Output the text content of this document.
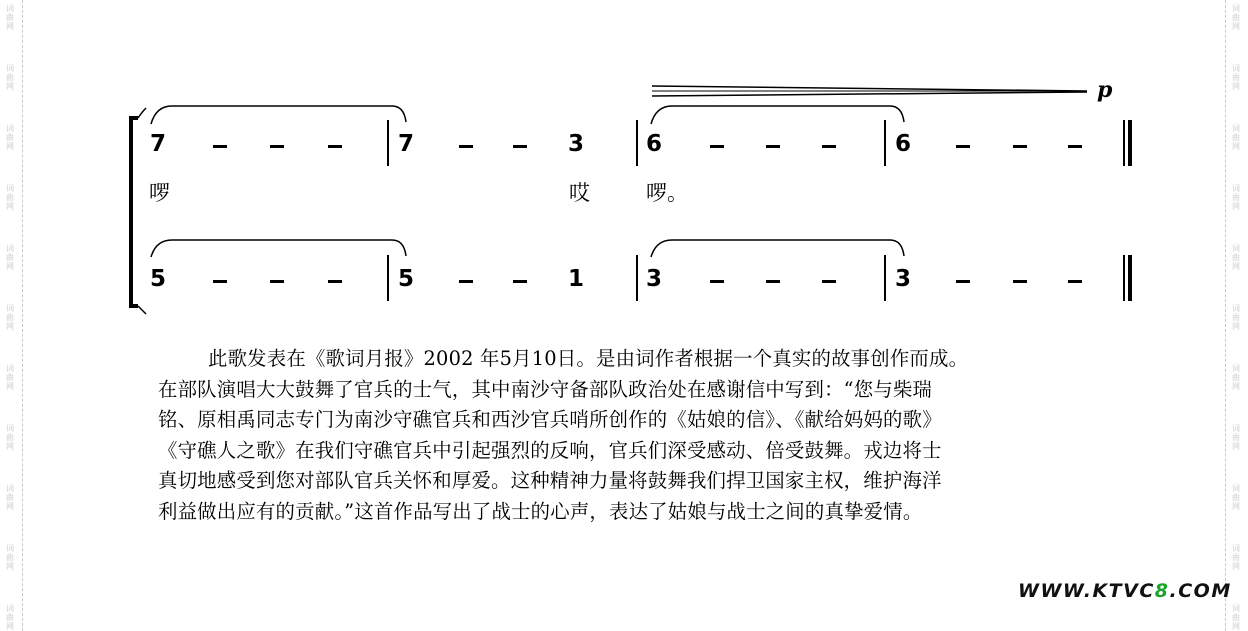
词
曲
网
词
曲
网
词
曲
网
词
曲
网
词
曲
网
词
曲
网
词
曲
网
词
曲
网
词
曲
网
词
曲
网
词
曲
网
词
曲
网
词
曲
网
词
曲
网
词
曲
网
词
曲
网
词
曲
网
词
曲
网
词
曲
网
词
曲
网
词
曲
网
词
曲
网
7	7	3	6	6
啰	哎	啰。
5	5	1	3	3
p
此歌发表在《歌词月报》2002 年5月10日。是由词作者根据一个真实的故事创作而成。
在部队演唱大大鼓舞了官兵的士气，其中南沙守备部队政治处在感谢信中写到：“您与柴瑞
铭、原相禹同志专门为南沙守礁官兵和西沙官兵哨所创作的《姑娘的信》、《献给妈妈的歌》
《守礁人之歌》在我们守礁官兵中引起强烈的反响，官兵们深受感动、倍受鼓舞。戎边将士
真切地感受到您对部队官兵关怀和厚爱。这种精神力量将鼓舞我们捍卫国家主权，维护海洋
利益做出应有的贡献。”这首作品写出了战士的心声，表达了姑娘与战士之间的真挚爱情。
WWW.KTVC8.COM
